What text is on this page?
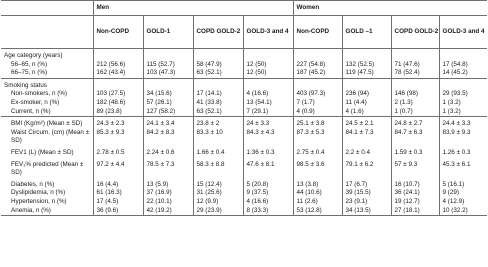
	Men				Women			
	Non-COPD	GOLD-1	COPD GOLD-2	GOLD-3 and 4	Non-COPD	GOLD –1	COPD GOLD-2	GOLD-3 and 4

Age category (years)								
56–65, n (%)	212 (56.6)	115 (52.7)	58 (47.9)	12 (50)	227 (54.8)	132 (52.5)	71 (47.6)	17 (54.8)
66–75, n (%)	162 (43.4)	103 (47.3)	63 (52.1)	12 (50)	187 (45.2)	119 (47.5)	78 (52.4)	14 (45.2)

Smoking status								
Non-smokers, n (%)	103 (27.5)	34 (15.6)	17 (14.1)	4 (16.6)	403 (97.3)	236 (94)	146 (98)	29 (93.5)
Ex-smoker, n (%)	182 (48.6)	57 (26.1)	41 (33.8)	13 (54.1)	7 (1.7)	11 (4.4)	2 (1.3)	1 (3.2)
Current, n (%)	89 (23.8)	127 (58.2)	63 (52.1)	7 (29.1)	4 (0.9)	4 (1.6)	1 (0.7)	1 (3.2)

BMI (Kg/m²) (Mean ± SD)	24.3 ± 2.3	24.1 ± 3.4	23.8 ± 2	24 ± 3.3	25.1 ± 3.8	24.5 ± 2.1	24.8 ± 2.7	24.4 ± 3.3
Waist Circum. (cm) (Mean ± SD)	85.3 ± 9.3	84.2 ± 8.3	83.3 ± 10	84.3 ± 4.3	87.3 ± 5.3	84.1 ± 7.3	84.7 ± 6.3	83.9 ± 9.3

FEV1 (L) (Mean ± SD)	2.78 ± 0.5	2.24 ± 0.6	1.66 ± 0.4	1.36 ± 0.3	2.75 ± 0.4	2.2 ± 0.4	1.59 ± 0.3	1.26 ± 0.3

FEV₁% predicted (Mean ± SD)	97.2 ± 4.4	78.5 ± 7.3	58.3 ± 8.8	47.6 ± 8.1	98.5 ± 3.6	79.1 ± 6.2	57 ± 9.3	45.3 ± 6.1

Diabetes, n (%)	16 (4.4)	13 (5.9)	15 (12.4)	5 (20.8)	13 (3.8)	17 (6.7)	16 (10.7)	5 (16.1)
Dyslipidemia, n (%)	61 (16.3)	37 (16.9)	31 (25.6)	9 (37.5)	44 (10.6)	39 (15.5)	36 (24.1)	9 (29)
Hypertension, n (%)	17 (4.5)	22 (10.1)	12 (9.9)	4 (16.6)	11 (2.6)	23 (9.1)	19 (12.7)	4 (12.9)
Anemia, n (%)	36 (9.6)	42 (19.2)	29 (23.9)	8 (33.3)	53 (12.8)	34 (13.5)	27 (18.1)	10 (32.2)
